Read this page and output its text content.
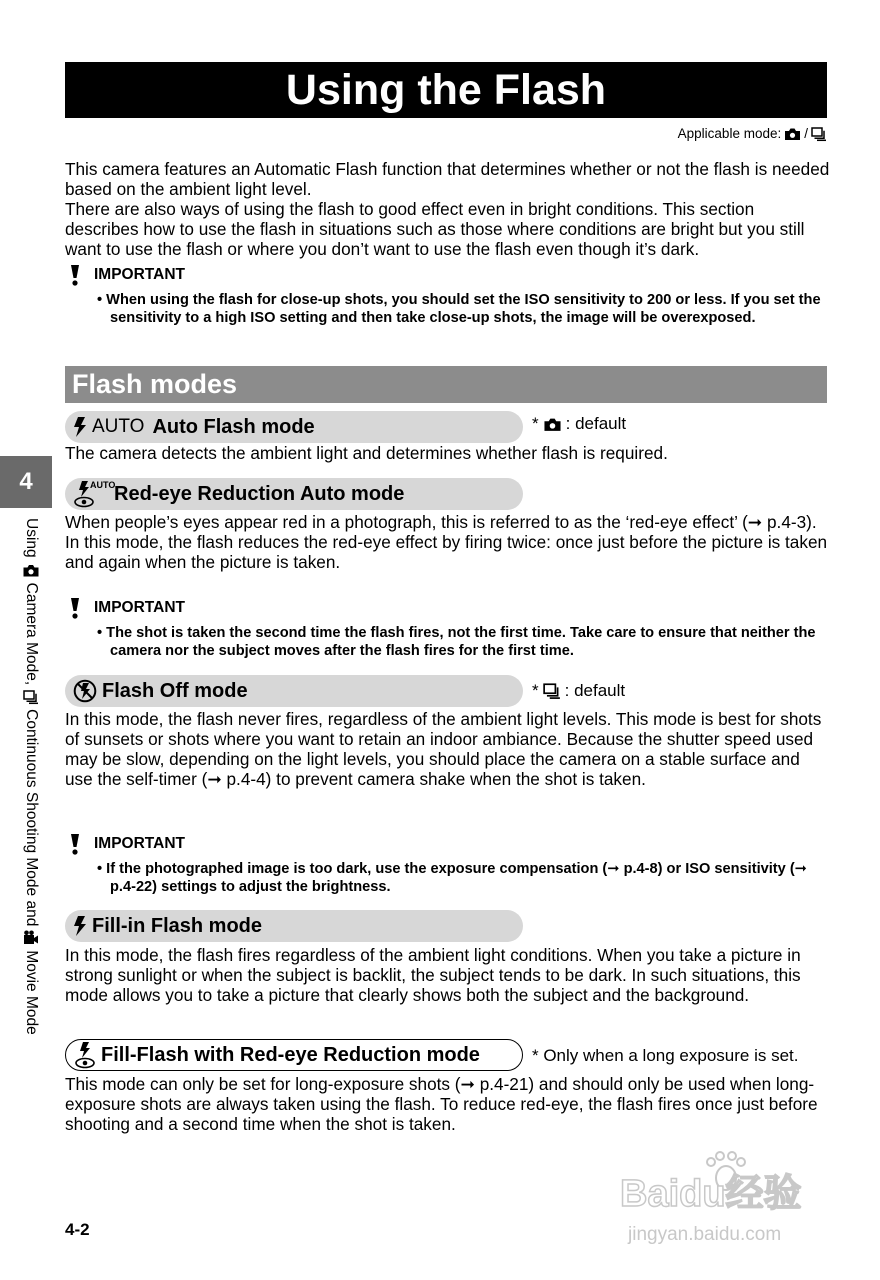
Using the Flash
Applicable mode: /
This camera features an Automatic Flash function that determines whether or not the flash is needed based on the ambient light level.
There are also ways of using the flash to good effect even in bright conditions. This section describes how to use the flash in situations such as those where conditions are bright but you still want to use the flash or where you don’t want to use the flash even though it’s dark.
IMPORTANT
• When using the flash for close-up shots, you should set the ISO sensitivity to 200 or less. If you set the sensitivity to a high ISO setting and then take close-up shots, the image will be overexposed.
Flash modes
AUTO Auto Flash mode	* : default
The camera detects the ambient light and determines whether flash is required.
AUTO
Red-eye Reduction Auto mode
When people’s eyes appear red in a photograph, this is referred to as the ‘red-eye effect’ (➞ p.4-3). In this mode, the flash reduces the red-eye effect by firing twice: once just before the picture is taken and again when the picture is taken.
IMPORTANT
• The shot is taken the second time the flash fires, not the first time. Take care to ensure that neither the camera nor the subject moves after the flash fires for the first time.
Flash Off mode	* : default
In this mode, the flash never fires, regardless of the ambient light levels. This mode is best for shots of sunsets or shots where you want to retain an indoor ambiance. Because the shutter speed used may be slow, depending on the light levels, you should place the camera on a stable surface and use the self-timer (➞ p.4-4) to prevent camera shake when the shot is taken.
IMPORTANT
• If the photographed image is too dark, use the exposure compensation (➞ p.4-8) or ISO sensitivity (➞ p.4-22) settings to adjust the brightness.
Fill-in Flash mode
In this mode, the flash fires regardless of the ambient light conditions. When you take a picture in strong sunlight or when the subject is backlit, the subject tends to be dark. In such situations, this mode allows you to take a picture that clearly shows both the subject and the background.
Fill-Flash with Red-eye Reduction mode	* Only when a long exposure is set.
This mode can only be set for long-exposure shots (➞ p.4-21) and should only be used when long-exposure shots are always taken using the flash. To reduce red-eye, the flash fires once just before shooting and a second time when the shot is taken.
4
Using
Camera Mode,
Continuous Shooting Mode and
Movie Mode
4-2
Baidu经验
jingyan.baidu.com
